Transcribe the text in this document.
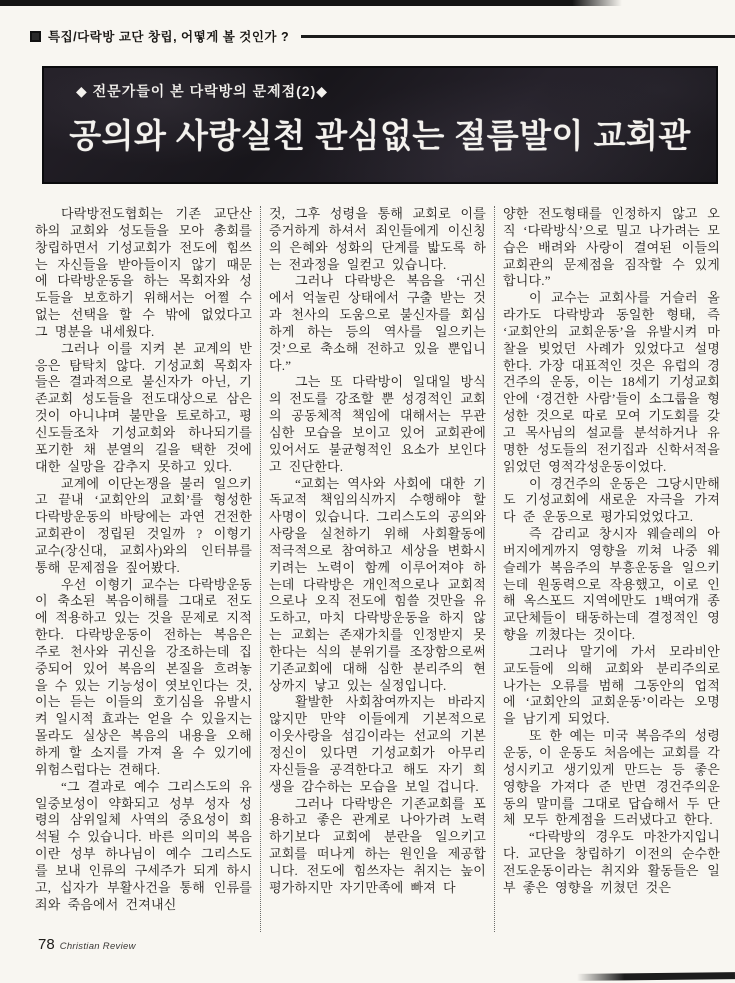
특집/다락방 교단 창립, 어떻게 볼 것인가 ?
◆ 전문가들이 본 다락방의 문제점(2)◆
공의와 사랑실천 관심없는 절름발이 교회관

다락방전도협회는 기존 교단산하의 교회와 성도들을 모아 총회를 창립하면서 기성교회가 전도에 힘쓰는 자신들을 받아들이지 않기 때문에 다락방운동을 하는 목회자와 성도들을 보호하기 위해서는 어쩔 수 없는 선택을 할 수 밖에 없었다고 그 명분을 내세웠다.

그러나 이를 지켜 본 교계의 반응은 탐탁치 않다. 기성교회 목회자들은 결과적으로 불신자가 아닌, 기존교회 성도들을 전도대상으로 삼은 것이 아니냐며 불만을 토로하고, 평신도들조차 기성교회와 하나되기를 포기한 채 분열의 길을 택한 것에 대한 실망을 감추지 못하고 있다.

교계에 이단논쟁을 불러 일으키고 끝내 ‘교회안의 교회’를 형성한 다락방운동의 바탕에는 과연 건전한 교회관이 정립된 것일까 ? 이형기 교수(장신대, 교회사)와의 인터뷰를 통해 문제점을 짚어봤다.

우선 이형기 교수는 다락방운동이 축소된 복음이해를 그대로 전도에 적용하고 있는 것을 문제로 지적한다. 다락방운동이 전하는 복음은 주로 천사와 귀신을 강조하는데 집중되어 있어 복음의 본질을 흐려놓을 수 있는 기능성이 엿보인다는 것, 이는 듣는 이들의 호기심을 유발시켜 일시적 효과는 얻을 수 있을지는 몰라도 실상은 복음의 내용을 오해하게 할 소지를 가져 올 수 있기에 위험스럽다는 견해다.

“그 결과로 예수 그리스도의 유일중보성이 약화되고 성부 성자 성령의 삼위일체 사역의 중요성이 희석될 수 있습니다. 바른 의미의 복음이란 성부 하나님이 예수 그리스도를 보내 인류의 구세주가 되게 하시고, 십자가 부활사건을 통해 인류를 죄와 죽음에서 건져내신

것, 그후 성령을 통해 교회로 이를 증거하게 하셔서 죄인들에게 이신칭의 은혜와 성화의 단계를 밟도록 하는 전과정을 일컫고 있습니다.

그러나 다락방은 복음을 ‘귀신에서 억눌린 상태에서 구출 받는 것과 천사의 도움으로 불신자를 회심하게 하는 등의 역사를 일으키는 것’으로 축소해 전하고 있을 뿐입니다.”

그는 또 다락방이 일대일 방식의 전도를 강조할 뿐 성경적인 교회의 공동체적 책임에 대해서는 무관심한 모습을 보이고 있어 교회관에 있어서도 불균형적인 요소가 보인다고 진단한다.

“교회는 역사와 사회에 대한 기독교적 책임의식까지 수행해야 할 사명이 있습니다. 그리스도의 공의와 사랑을 실천하기 위해 사회활동에 적극적으로 참여하고 세상을 변화시키려는 노력이 함께 이루어져야 하는데 다락방은 개인적으로나 교회적으로나 오직 전도에 힘쓸 것만을 유도하고, 마치 다락방운동을 하지 않는 교회는 존재가치를 인정받지 못한다는 식의 분위기를 조장함으로써 기존교회에 대해 심한 분리주의 현상까지 낳고 있는 실정입니다.

활발한 사회참여까지는 바라지 않지만 만약 이들에게 기본적으로 이웃사랑을 섬김이라는 선교의 기본정신이 있다면 기성교회가 아무리 자신들을 공격한다고 해도 자기 희생을 감수하는 모습을 보일 겁니다.

그러나 다락방은 기존교회를 포용하고 좋은 관계로 나아가려 노력하기보다 교회에 분란을 일으키고 교회를 떠나게 하는 원인을 제공합니다. 전도에 힘쓰자는 취지는 높이 평가하지만 자기만족에 빠져 다

양한 전도형태를 인정하지 않고 오직 ‘다락방식’으로 밀고 나가려는 모습은 배려와 사랑이 결여된 이들의 교회관의 문제점을 짐작할 수 있게 합니다.”

이 교수는 교회사를 거슬러 올라가도 다락방과 동일한 형태, 즉 ‘교회안의 교회운동’을 유발시켜 마찰을 빚었던 사례가 있었다고 설명한다. 가장 대표적인 것은 유럽의 경건주의 운동, 이는 18세기 기성교회안에 ‘경건한 사람’들이 소그룹을 형성한 것으로 따로 모여 기도회를 갖고 목사님의 설교를 분석하거나 유명한 성도들의 전기집과 신학서적을 읽었던 영적각성운동이었다.

이 경건주의 운동은 그당시만해도 기성교회에 새로운 자극을 가져다 준 운동으로 평가되었었다고.

즉 감리교 창시자 웨슬레의 아버지에게까지 영향을 끼쳐 나중 웨슬레가 복음주의 부흥운동을 일으키는데 원동력으로 작용했고, 이로 인해 옥스포드 지역에만도 1백여개 종교단체들이 태동하는데 결정적인 영향을 끼쳤다는 것이다.

그러나 말기에 가서 모라비안 교도들에 의해 교회와 분리주의로 나가는 오류를 범해 그동안의 업적에 ‘교회안의 교회운동’이라는 오명을 남기게 되었다.

또 한 예는 미국 복음주의 성령운동, 이 운동도 처음에는 교회를 각성시키고 생기있게 만드는 등 좋은 영향을 가져다 준 반면 경건주의운동의 말미를 그대로 답습해서 두 단체 모두 한계점을 드러냈다고 한다.

“다락방의 경우도 마찬가지입니다. 교단을 창립하기 이전의 순수한 전도운동이라는 취지와 활동들은 일부 좋은 영향을 끼쳤던 것은

78 Christian Review
